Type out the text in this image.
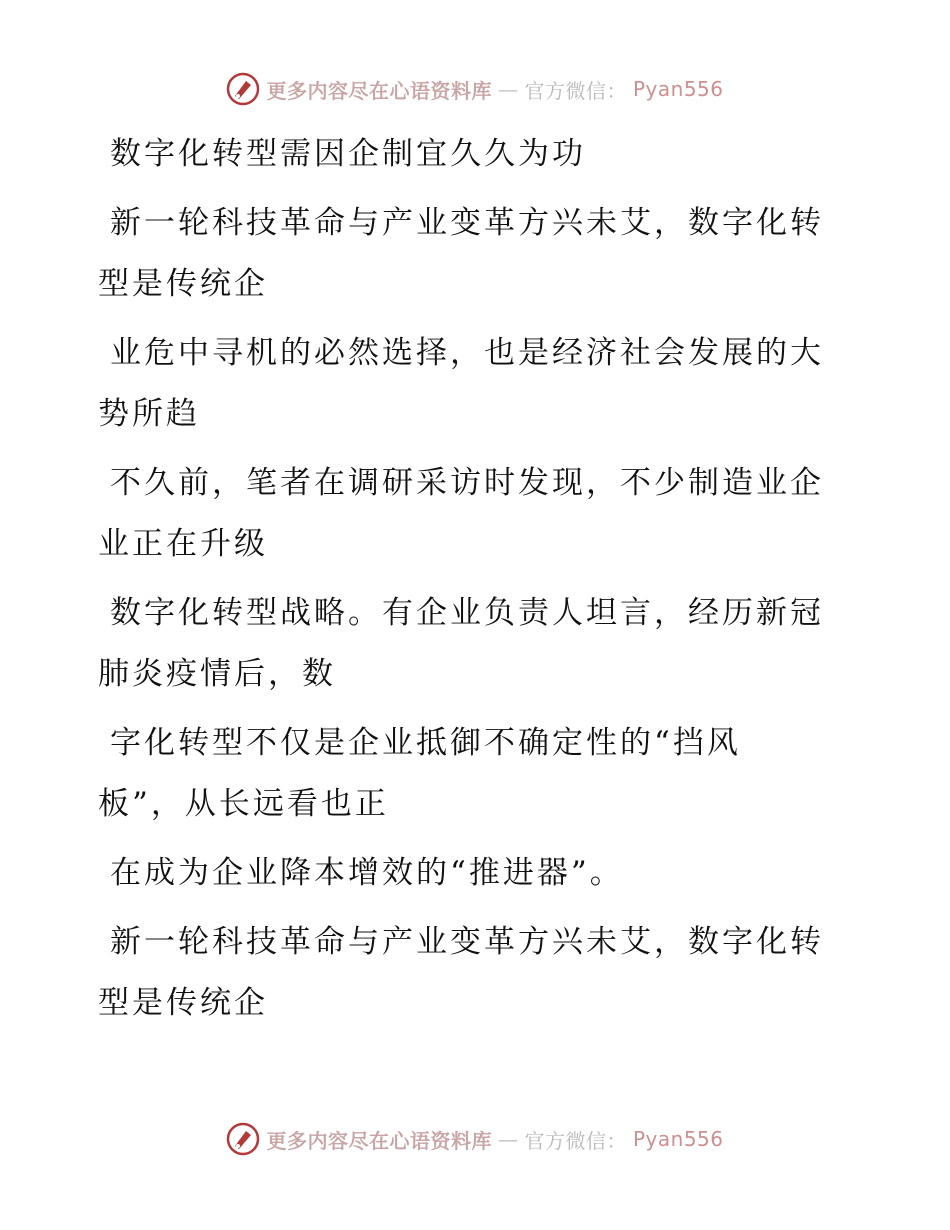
更多内容尽在心语资料库 — 官方微信： Pyan556
数字化转型需因企制宜久久为功
新一轮科技革命与产业变革方兴未艾，数字化转
型是传统企
业危中寻机的必然选择，也是经济社会发展的大
势所趋
不久前，笔者在调研采访时发现，不少制造业企
业正在升级
数字化转型战略。有企业负责人坦言，经历新冠
肺炎疫情后，数
字化转型不仅是企业抵御不确定性的“挡风
板”，从长远看也正
在成为企业降本增效的“推进器”。
新一轮科技革命与产业变革方兴未艾，数字化转
型是传统企
更多内容尽在心语资料库 — 官方微信： Pyan556
